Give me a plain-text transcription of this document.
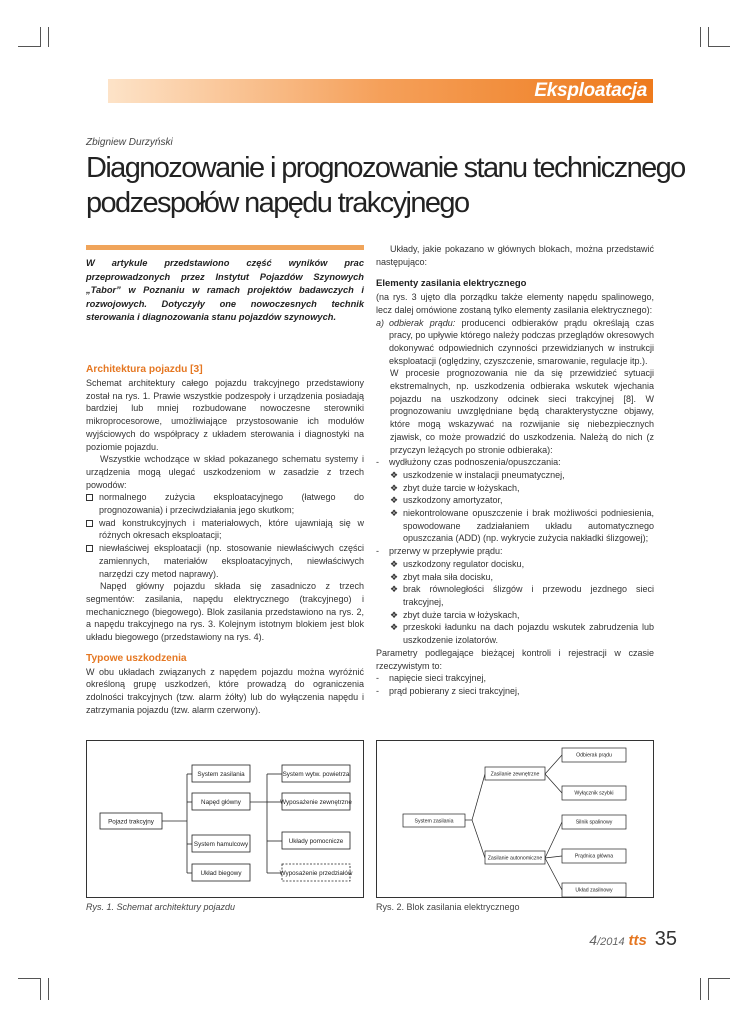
Eksploatacja
Zbigniew Durzyński
Diagnozowanie i prognozowanie stanu technicznego
podzespołów napędu trakcyjnego
W artykule przedstawiono część wyników prac przeprowadzonych przez Instytut Pojazdów Szynowych „Tabor” w Poznaniu w ramach projektów badawczych i rozwojowych. Dotyczyły one nowoczesnych technik sterowania i diagnozowania stanu pojazdów szynowych.

Architektura pojazdu [3]

Schemat architektury całego pojazdu trakcyjnego przedstawiony został na rys. 1. Prawie wszystkie podzespoły i urządzenia posiadają bardziej lub mniej rozbudowane nowoczesne sterowniki mikroprocesorowe, umożliwiające przystosowanie ich modułów wyjściowych do współpracy z układem sterowania i diagnostyki na poziomie pojazdu.

Wszystkie wchodzące w skład pokazanego schematu systemy i urządzenia mogą ulegać uszkodzeniom w zasadzie z trzech powodów:

normalnego zużycia eksploatacyjnego (łatwego do prognozowania) i przeciwdziałania jego skutkom;
wad konstrukcyjnych i materiałowych, które ujawniają się w różnych okresach eksploatacji;
niewłaściwej eksploatacji (np. stosowanie niewłaściwych części zamiennych, materiałów eksploatacyjnych, niewłaściwych narzędzi czy metod naprawy).

Napęd główny pojazdu składa się zasadniczo z trzech segmentów: zasilania, napędu elektrycznego (trakcyjnego) i mechanicznego (biegowego). Blok zasilania przedstawiono na rys. 2, a napędu trakcyjnego na rys. 3. Kolejnym istotnym blokiem jest blok układu biegowego (przedstawiony na rys. 4).

Typowe uszkodzenia

W obu układach związanych z napędem pojazdu można wyróżnić określoną grupę uszkodzeń, które prowadzą do ograniczenia zdolności trakcyjnych (tzw. alarm żółty) lub do wyłączenia napędu i zatrzymania pojazdu (tzw. alarm czerwony).

Układy, jakie pokazano w głównych blokach, można przedstawić następująco:

Elementy zasilania elektrycznego

(na rys. 3 ujęto dla porządku także elementy napędu spalinowego, lecz dalej omówione zostaną tylko elementy zasilania elektrycznego):

a) odbierak prądu: producenci odbieraków prądu określają czas pracy, po upływie którego należy podczas przeglądów okresowych dokonywać odpowiednich czynności przewidzianych w instrukcji eksploatacji (oględziny, czyszczenie, smarowanie, regulacje itp.).

W procesie prognozowania nie da się przewidzieć sytuacji ekstremalnych, np. uszkodzenia odbieraka wskutek wjechania pojazdu na uszkodzony odcinek sieci trakcyjnej [8]. W prognozowaniu uwzględniane będą charakterystyczne objawy, które mogą wskazywać na rozwijanie się niebezpiecznych zjawisk, co może prowadzić do uszkodzenia. Należą do nich (z przyczyn leżących po stronie odbieraka):

-	wydłużony czas podnoszenia/opuszczania:
❖ uszkodzenie w instalacji pneumatycznej,
❖ zbyt duże tarcie w łożyskach,
❖ uszkodzony amortyzator,
❖ niekontrolowane opuszczenie i brak możliwości podniesienia, spowodowane zadziałaniem układu automatycznego opuszczania (ADD) (np. wykrycie zużycia nakładki ślizgowej);
-	przerwy w przepływie prądu:
❖ uszkodzony regulator docisku,
❖ zbyt mała siła docisku,
❖ brak równoległości ślizgów i przewodu jezdnego sieci trakcyjnej,
❖ zbyt duże tarcia w łożyskach,
❖ przeskoki ładunku na dach pojazdu wskutek zabrudzenia lub uszkodzenie izolatorów.

Parametry podlegające bieżącej kontroli i rejestracji w czasie rzeczywistym to:

-	napięcie sieci trakcyjnej,
-	prąd pobierany z sieci trakcyjnej,
Pojazd trakcyjny
System zasilania
Napęd główny
System hamulcowy
Układ biegowy
System wytw. powietrza
Wyposażenie zewnętrzne
Układy pomocnicze
Wyposażenie przedziałów
Rys. 1. Schemat architektury pojazdu
System zasilania
Zasilanie zewnętrzne
Zasilanie autonomiczne
Odbierak prądu
Wyłącznik szybki
Silnik spalinowy
Prądnica główna
Układ zasilnowy
Rys. 2. Blok zasilania elektrycznego
4/2014 tts 35
